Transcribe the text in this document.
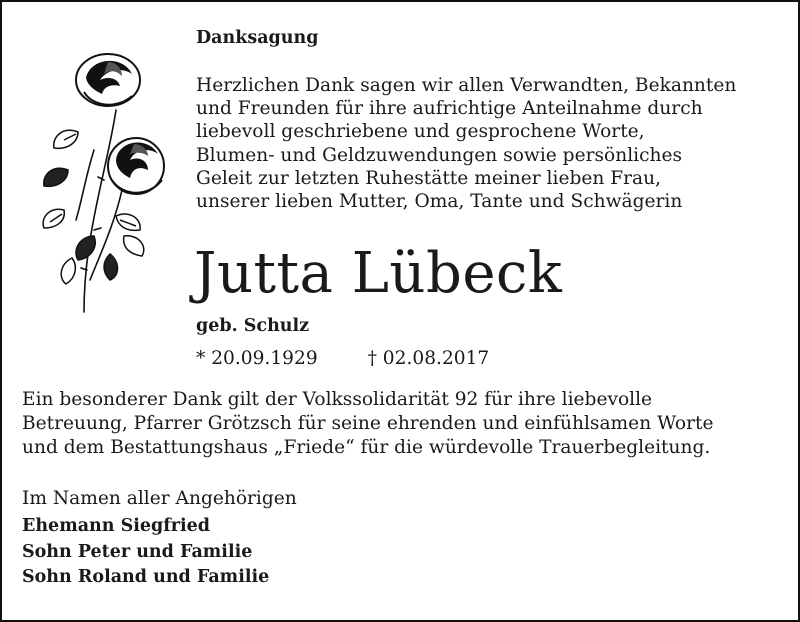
Danksagung

Herzlichen Dank sagen wir allen Verwandten, Bekannten
und Freunden für ihre aufrichtige Anteilnahme durch
liebevoll geschriebene und gesprochene Worte,
Blumen- und Geldzuwendungen sowie persönliches
Geleit zur letzten Ruhestätte meiner lieben Frau,
unserer lieben Mutter, Oma, Tante und Schwägerin

Jutta Lübeck
geb. Schulz
* 20.09.1929	† 02.08.2017

Ein besonderer Dank gilt der Volkssolidarität 92 für ihre liebevolle
Betreuung, Pfarrer Grötzsch für seine ehrenden und einfühlsamen Worte
und dem Bestattungshaus „Friede“ für die würdevolle Trauerbegleitung.

Im Namen aller Angehörigen
Ehemann Siegfried
Sohn Peter und Familie
Sohn Roland und Familie
